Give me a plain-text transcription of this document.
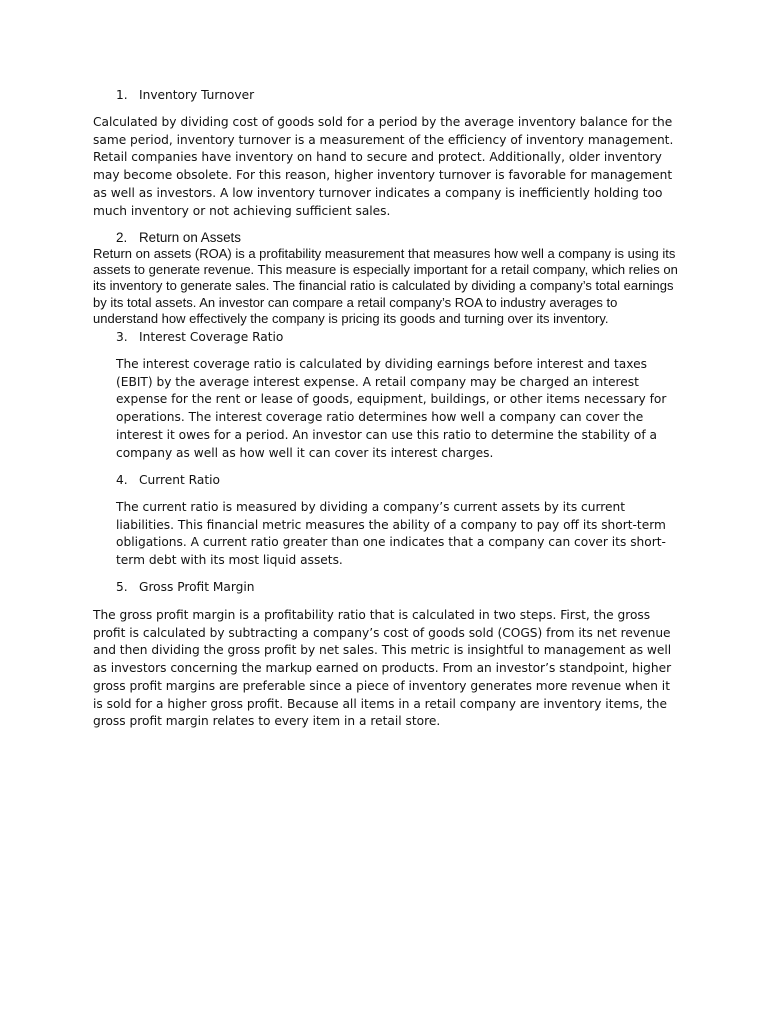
1. Inventory Turnover

Calculated by dividing cost of goods sold for a period by the average inventory balance for the same period, inventory turnover is a measurement of the efficiency of inventory management. Retail companies have inventory on hand to secure and protect. Additionally, older inventory may become obsolete. For this reason, higher inventory turnover is favorable for management as well as investors. A low inventory turnover indicates a company is inefficiently holding too much inventory or not achieving sufficient sales.

2. Return on Assets

Return on assets (ROA) is a profitability measurement that measures how well a company is using its assets to generate revenue. This measure is especially important for a retail company, which relies on its inventory to generate sales. The financial ratio is calculated by dividing a company’s total earnings by its total assets. An investor can compare a retail company’s ROA to industry averages to understand how effectively the company is pricing its goods and turning over its inventory.

3. Interest Coverage Ratio

The interest coverage ratio is calculated by dividing earnings before interest and taxes (EBIT) by the average interest expense. A retail company may be charged an interest expense for the rent or lease of goods, equipment, buildings, or other items necessary for operations. The interest coverage ratio determines how well a company can cover the interest it owes for a period. An investor can use this ratio to determine the stability of a company as well as how well it can cover its interest charges.

4. Current Ratio

The current ratio is measured by dividing a company’s current assets by its current liabilities. This financial metric measures the ability of a company to pay off its short-term obligations. A current ratio greater than one indicates that a company can cover its short-term debt with its most liquid assets.

5. Gross Profit Margin

The gross profit margin is a profitability ratio that is calculated in two steps. First, the gross profit is calculated by subtracting a company’s cost of goods sold (COGS) from its net revenue and then dividing the gross profit by net sales. This metric is insightful to management as well as investors concerning the markup earned on products. From an investor’s standpoint, higher gross profit margins are preferable since a piece of inventory generates more revenue when it is sold for a higher gross profit. Because all items in a retail company are inventory items, the gross profit margin relates to every item in a retail store.
